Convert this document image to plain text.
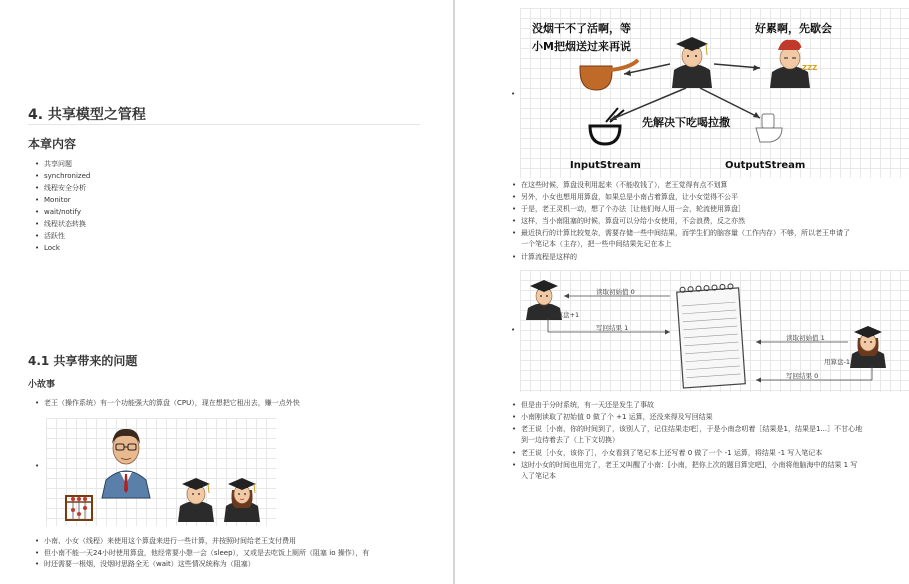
4. 共享模型之管程
本章内容
• 共享问题
• synchronized
• 线程安全分析
• Monitor
• wait/notify
• 线程状态转换
• 活跃性
• Lock
4.1 共享带来的问题
小故事
• 老王（操作系统）有一个功能强大的算盘（CPU），现在想把它租出去，赚一点外快
•
• 小南、小女（线程）来使用这个算盘来进行一些计算，并按照时间给老王支付费用
• 但小南不能一天24小时使用算盘，他经常要小憩一会（sleep），又或是去吃饭上厕所（阻塞 io 操作），有
• 时还需要一根烟，没烟时思路全无（wait）这些情况统称为（阻塞）
•
没烟干不了活啊，等
小M把烟送过来再说
好累啊，先歇会
先解决下吃喝拉撒
ZZZ
InputStream	OutputStream
• 在这些时候，算盘没利用起来（不能收钱了），老王觉得有点不划算
• 另外，小女也想用用算盘，如果总是小南占着算盘，让小女觉得不公平
• 于是，老王灵机一动，想了个办法［让他们每人用一会，轮流使用算盘］
• 这样，当小南阻塞的时候，算盘可以分给小女使用，不会浪费，反之亦然
• 最近执行的计算比较复杂，需要存储一些中间结果，而学生们的脑容量（工作内存）不够，所以老王申请了
一个笔记本（主存），把一些中间结果先记在本上
• 计算流程是这样的
•
读取初始值 0
用算盘+1
写回结果 1
读取初始值 1
用算盘-1
写回结果 0
• 但是由于分时系统，有一天还是发生了事故
• 小南刚读取了初始值 0 做了个 +1 运算，还没来得及写回结果
• 老王说［小南，你的时间到了，该别人了，记住结果走吧］，于是小南念叨着［结果是1，结果是1...］不甘心地
到一边待着去了（上下文切换）
• 老王说［小女，该你了］，小女看到了笔记本上还写着 0 做了一个 -1 运算，将结果 -1 写入笔记本
• 这时小女的时间也用完了，老王又叫醒了小南：[小南，把你上次的题目算完吧]，小南将他脑海中的结果 1 写
入了笔记本
